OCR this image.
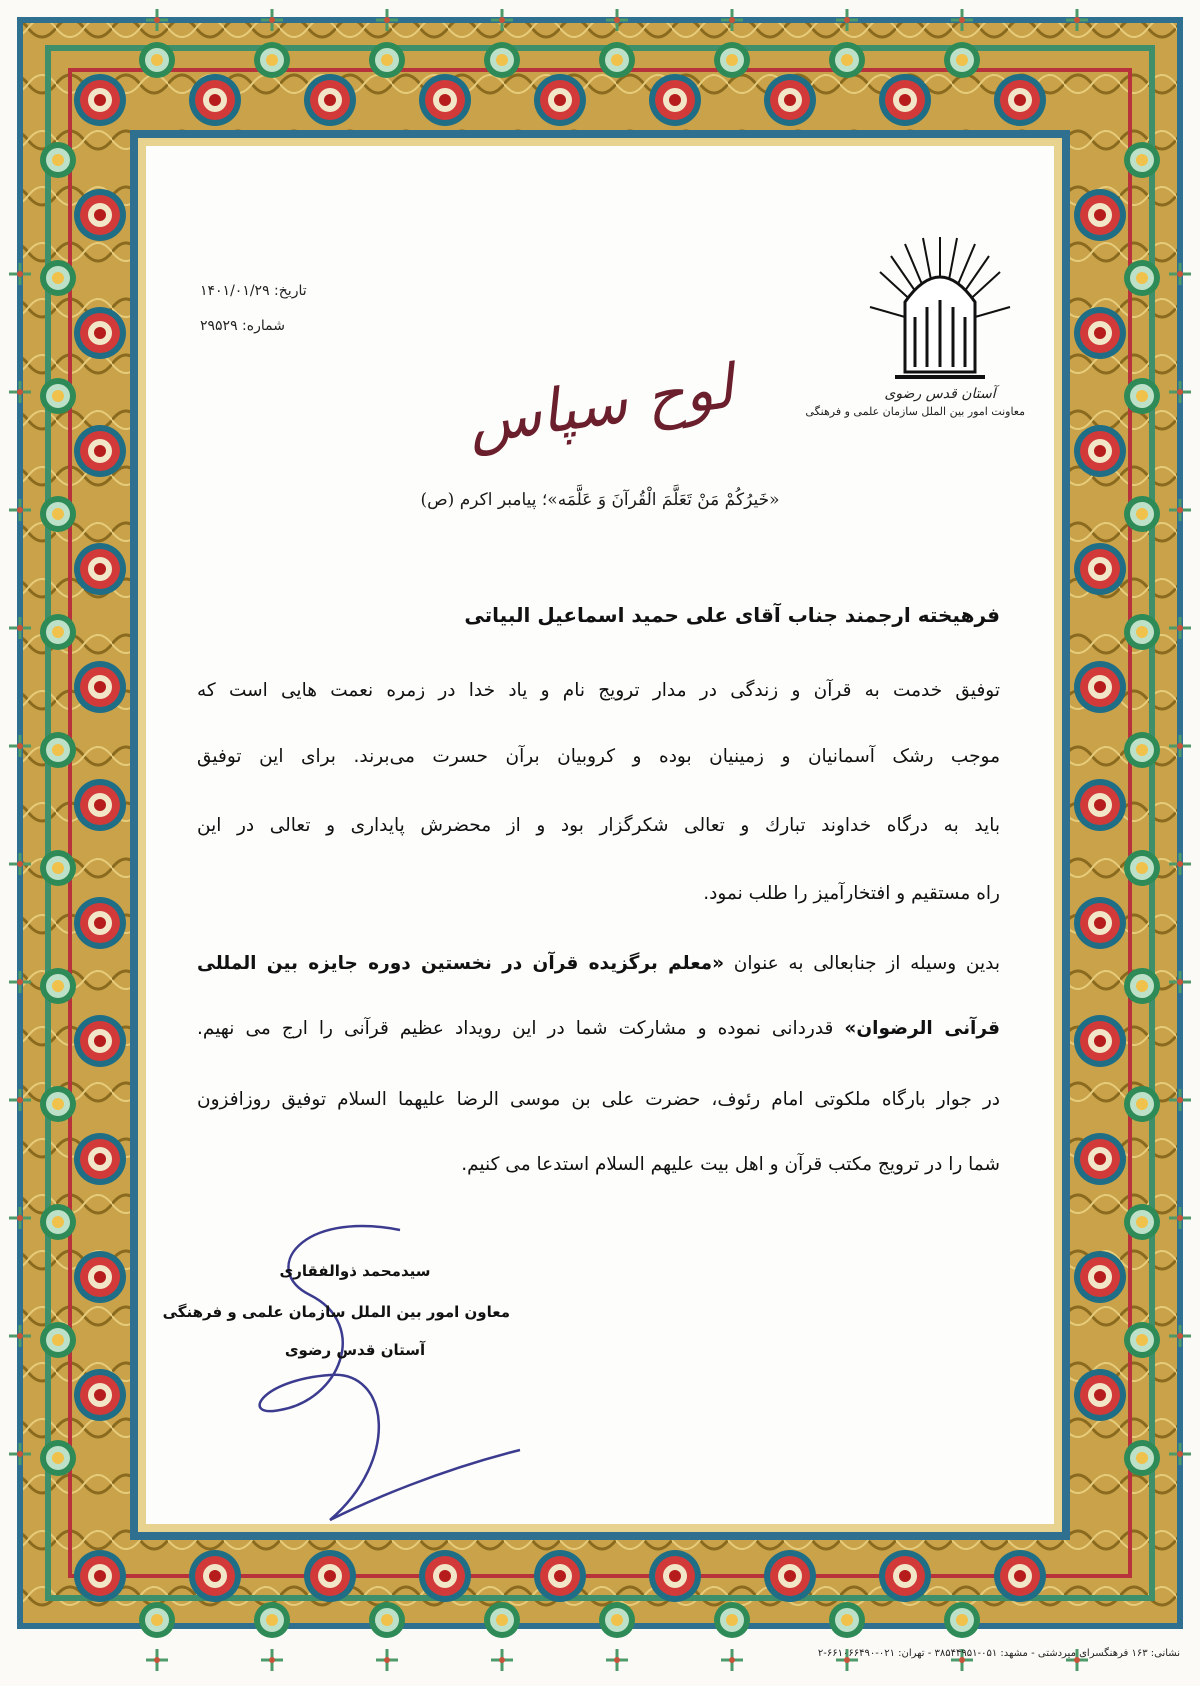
تاریخ: ۱۴۰۱/۰۱/۲۹
شماره: ۲۹۵۲۹
آستان قدس رضوی
معاونت امور بین الملل سازمان علمی و فرهنگی
لوح سپاس
«خَیرُکُمْ مَنْ تَعَلَّمَ الْقُرآنَ وَ عَلَّمَه»؛ پیامبر اکرم (ص)
فرهیخته ارجمند جناب آقای علی حمید اسماعیل البیاتی
توفیق خدمت به قرآن و زندگی در مدار ترویج نام و یاد خدا در زمره نعمت هایی است که
موجب رشک آسمانیان و زمینیان بوده و کروبیان برآن حسرت می‌برند. برای این توفیق
باید به درگاه خداوند تبارك و تعالی شکرگزار بود و از محضرش پایداری و تعالی در این
راه مستقیم و افتخارآمیز را طلب نمود.
بدین وسیله از جنابعالی به عنوان «معلم برگزیده قرآن در نخستین دوره جایزه بین المللی
قرآنی الرضوان» قدردانی نموده و مشارکت شما در این رویداد عظیم قرآنی را ارج می نهیم.
در جوار بارگاه ملکوتی امام رئوف، حضرت علی بن موسی الرضا علیهما السلام توفیق روزافزون
شما را در ترویج مکتب قرآن و اهل بیت علیهم السلام استدعا می کنیم.
سیدمحمد ذوالفقاری
معاون امور بین الملل سازمان علمی و فرهنگی
آستان قدس رضوی
نشانی: ۱۶۳ فرهنگسرای میردشتی - مشهد: ۰۵۱-۳۸۵۴۴۹۵۱ - تهران: ۰۲۱-۶۶۱۰۶۶۴۹۰-۲
